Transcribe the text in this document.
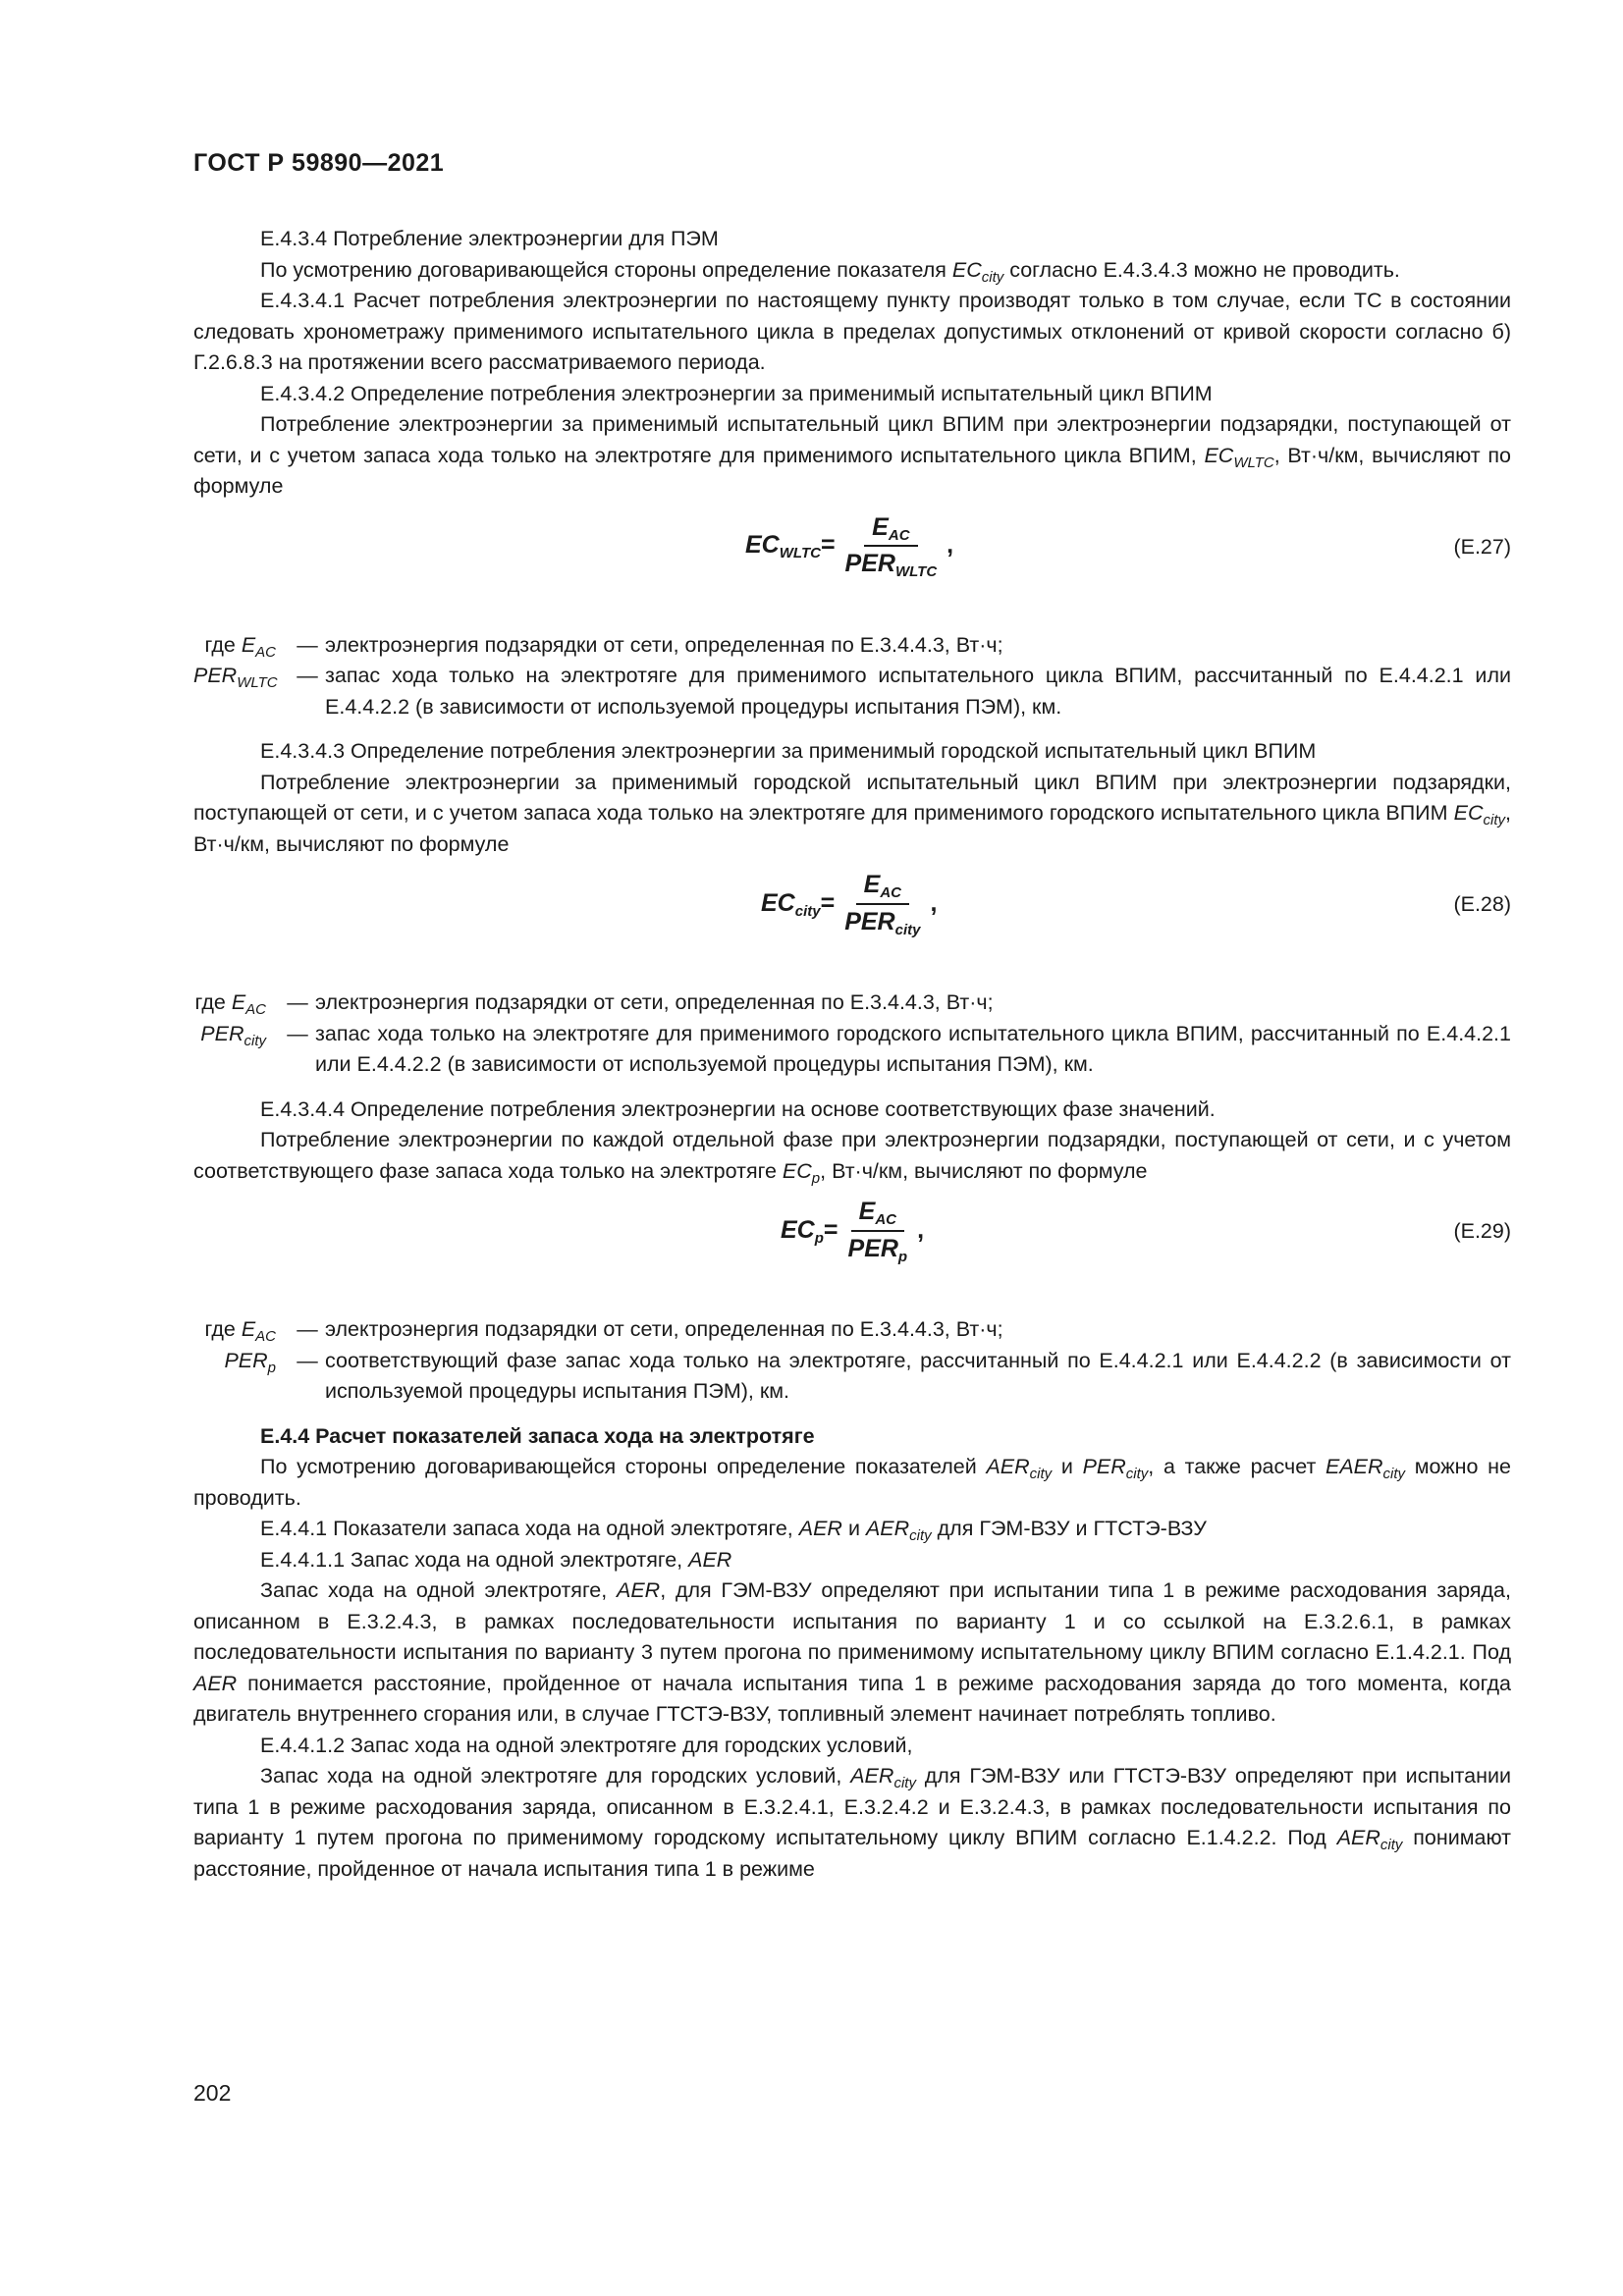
ГОСТ Р 59890—2021

Е.4.3.4 Потребление электроэнергии для ПЭМ

По усмотрению договаривающейся стороны определение показателя $EC_{city}$ согласно Е.4.3.4.3 можно не проводить.

Е.4.3.4.1 Расчет потребления электроэнергии по настоящему пункту производят только в том случае, если ТС в состоянии следовать хронометражу применимого испытательного цикла в пределах допустимых отклонений от кривой скорости согласно б) Г.2.6.8.3 на протяжении всего рассматриваемого периода.

Е.4.3.4.2 Определение потребления электроэнергии за применимый испытательный цикл ВПИМ

Потребление электроэнергии за применимый испытательный цикл ВПИМ при электроэнергии подзарядки, поступающей от сети, и с учетом запаса хода только на электротяге для применимого испытательного цикла ВПИМ, $EC_{WLTC}$, Вт·ч/км, вычисляют по формуле

$EC_{WLTC} = \frac{E_{AC}}{PER_{WLTC}}$ ,	(Е.27)
где $E_{AC}$ — электроэнергия подзарядки от сети, определенная по Е.3.4.4.3, Вт·ч;
$PER_{WLTC}$ — запас хода только на электротяге для применимого испытательного цикла ВПИМ, рассчитанный по Е.4.4.2.1 или Е.4.4.2.2 (в зависимости от используемой процедуры испытания ПЭМ), км.

Е.4.3.4.3 Определение потребления электроэнергии за применимый городской испытательный цикл ВПИМ

Потребление электроэнергии за применимый городской испытательный цикл ВПИМ при электроэнергии подзарядки, поступающей от сети, и с учетом запаса хода только на электротяге для применимого городского испытательного цикла ВПИМ $EC_{city}$, Вт·ч/км, вычисляют по формуле

$EC_{city} = \frac{E_{AC}}{PER_{city}}$ ,	(Е.28)
где $E_{AC}$ — электроэнергия подзарядки от сети, определенная по Е.3.4.4.3, Вт·ч;
$PER_{city}$ — запас хода только на электротяге для применимого городского испытательного цикла ВПИМ, рассчитанный по Е.4.4.2.1 или Е.4.4.2.2 (в зависимости от используемой процедуры испытания ПЭМ), км.

Е.4.3.4.4 Определение потребления электроэнергии на основе соответствующих фазе значений.

Потребление электроэнергии по каждой отдельной фазе при электроэнергии подзарядки, поступающей от сети, и с учетом соответствующего фазе запаса хода только на электротяге $EC_p$, Вт·ч/км, вычисляют по формуле

$EC_p = \frac{E_{AC}}{PER_p}$ ,	(Е.29)
где $E_{AC}$ — электроэнергия подзарядки от сети, определенная по Е.3.4.4.3, Вт·ч;
$PER_p$ — соответствующий фазе запас хода только на электротяге, рассчитанный по Е.4.4.2.1 или Е.4.4.2.2 (в зависимости от используемой процедуры испытания ПЭМ), км.

Е.4.4 Расчет показателей запаса хода на электротяге

По усмотрению договаривающейся стороны определение показателей $AER_{city}$ и $PER_{city}$, а также расчет $EAER_{city}$ можно не проводить.

Е.4.4.1 Показатели запаса хода на одной электротяге, AER и $AER_{city}$ для ГЭМ-ВЗУ и ГТСТЭ-ВЗУ

Е.4.4.1.1 Запас хода на одной электротяге, AER

Запас хода на одной электротяге, AER, для ГЭМ-ВЗУ определяют при испытании типа 1 в режиме расходования заряда, описанном в Е.3.2.4.3, в рамках последовательности испытания по варианту 1 и со ссылкой на Е.3.2.6.1, в рамках последовательности испытания по варианту 3 путем прогона по применимому испытательному циклу ВПИМ согласно Е.1.4.2.1. Под AER понимается расстояние, пройденное от начала испытания типа 1 в режиме расходования заряда до того момента, когда двигатель внутреннего сгорания или, в случае ГТСТЭ-ВЗУ, топливный элемент начинает потреблять топливо.

Е.4.4.1.2 Запас хода на одной электротяге для городских условий,

Запас хода на одной электротяге для городских условий, $AER_{city}$ для ГЭМ-ВЗУ или ГТСТЭ-ВЗУ определяют при испытании типа 1 в режиме расходования заряда, описанном в Е.3.2.4.1, Е.3.2.4.2 и Е.3.2.4.3, в рамках последовательности испытания по варианту 1 путем прогона по применимому городскому испытательному циклу ВПИМ согласно Е.1.4.2.2. Под $AER_{city}$ понимают расстояние, пройденное от начала испытания типа 1 в режиме

202
